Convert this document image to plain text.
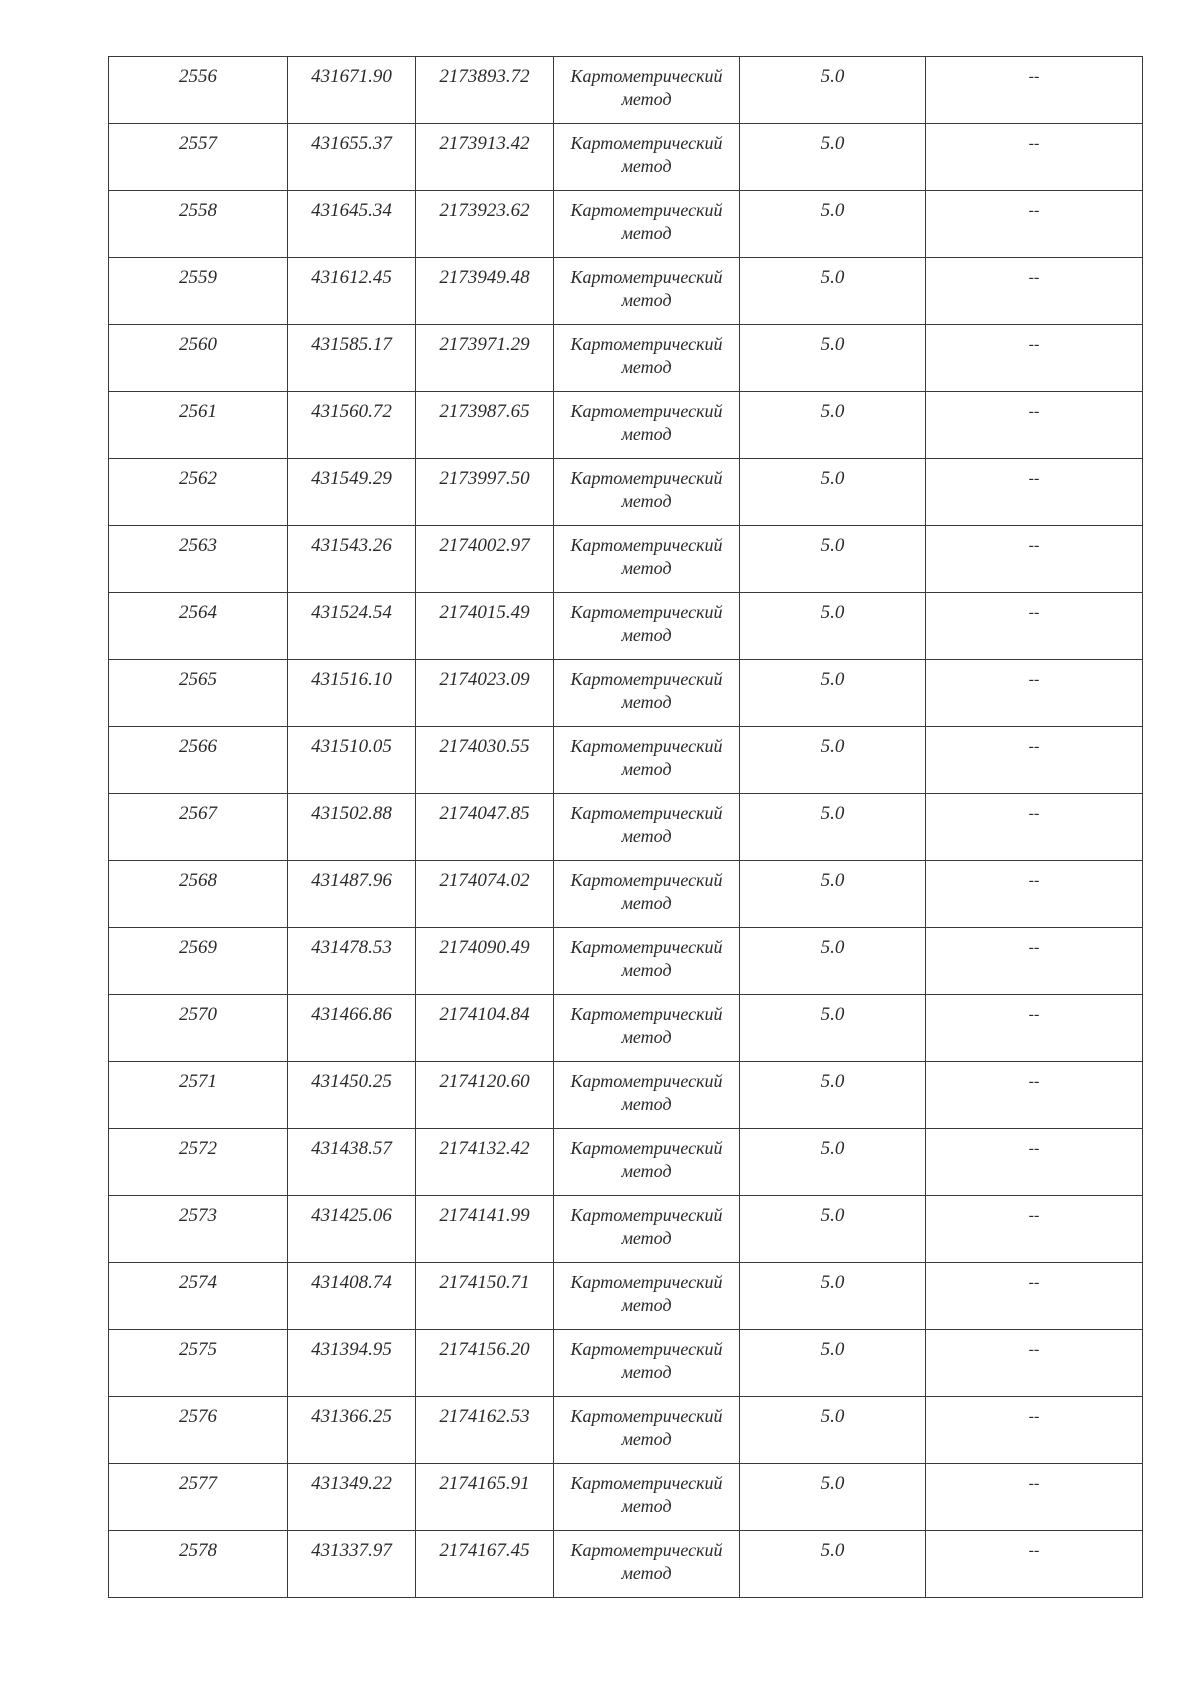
2556	431671.90	2173893.72	Картометрический метод	5.0	--

2557	431655.37	2173913.42	Картометрический метод	5.0	--

2558	431645.34	2173923.62	Картометрический метод	5.0	--

2559	431612.45	2173949.48	Картометрический метод	5.0	--

2560	431585.17	2173971.29	Картометрический метод	5.0	--

2561	431560.72	2173987.65	Картометрический метод	5.0	--

2562	431549.29	2173997.50	Картометрический метод	5.0	--

2563	431543.26	2174002.97	Картометрический метод	5.0	--

2564	431524.54	2174015.49	Картометрический метод	5.0	--

2565	431516.10	2174023.09	Картометрический метод	5.0	--

2566	431510.05	2174030.55	Картометрический метод	5.0	--

2567	431502.88	2174047.85	Картометрический метод	5.0	--

2568	431487.96	2174074.02	Картометрический метод	5.0	--

2569	431478.53	2174090.49	Картометрический метод	5.0	--

2570	431466.86	2174104.84	Картометрический метод	5.0	--

2571	431450.25	2174120.60	Картометрический метод	5.0	--

2572	431438.57	2174132.42	Картометрический метод	5.0	--

2573	431425.06	2174141.99	Картометрический метод	5.0	--

2574	431408.74	2174150.71	Картометрический метод	5.0	--

2575	431394.95	2174156.20	Картометрический метод	5.0	--

2576	431366.25	2174162.53	Картометрический метод	5.0	--

2577	431349.22	2174165.91	Картометрический метод	5.0	--

2578	431337.97	2174167.45	Картометрический метод	5.0	--
